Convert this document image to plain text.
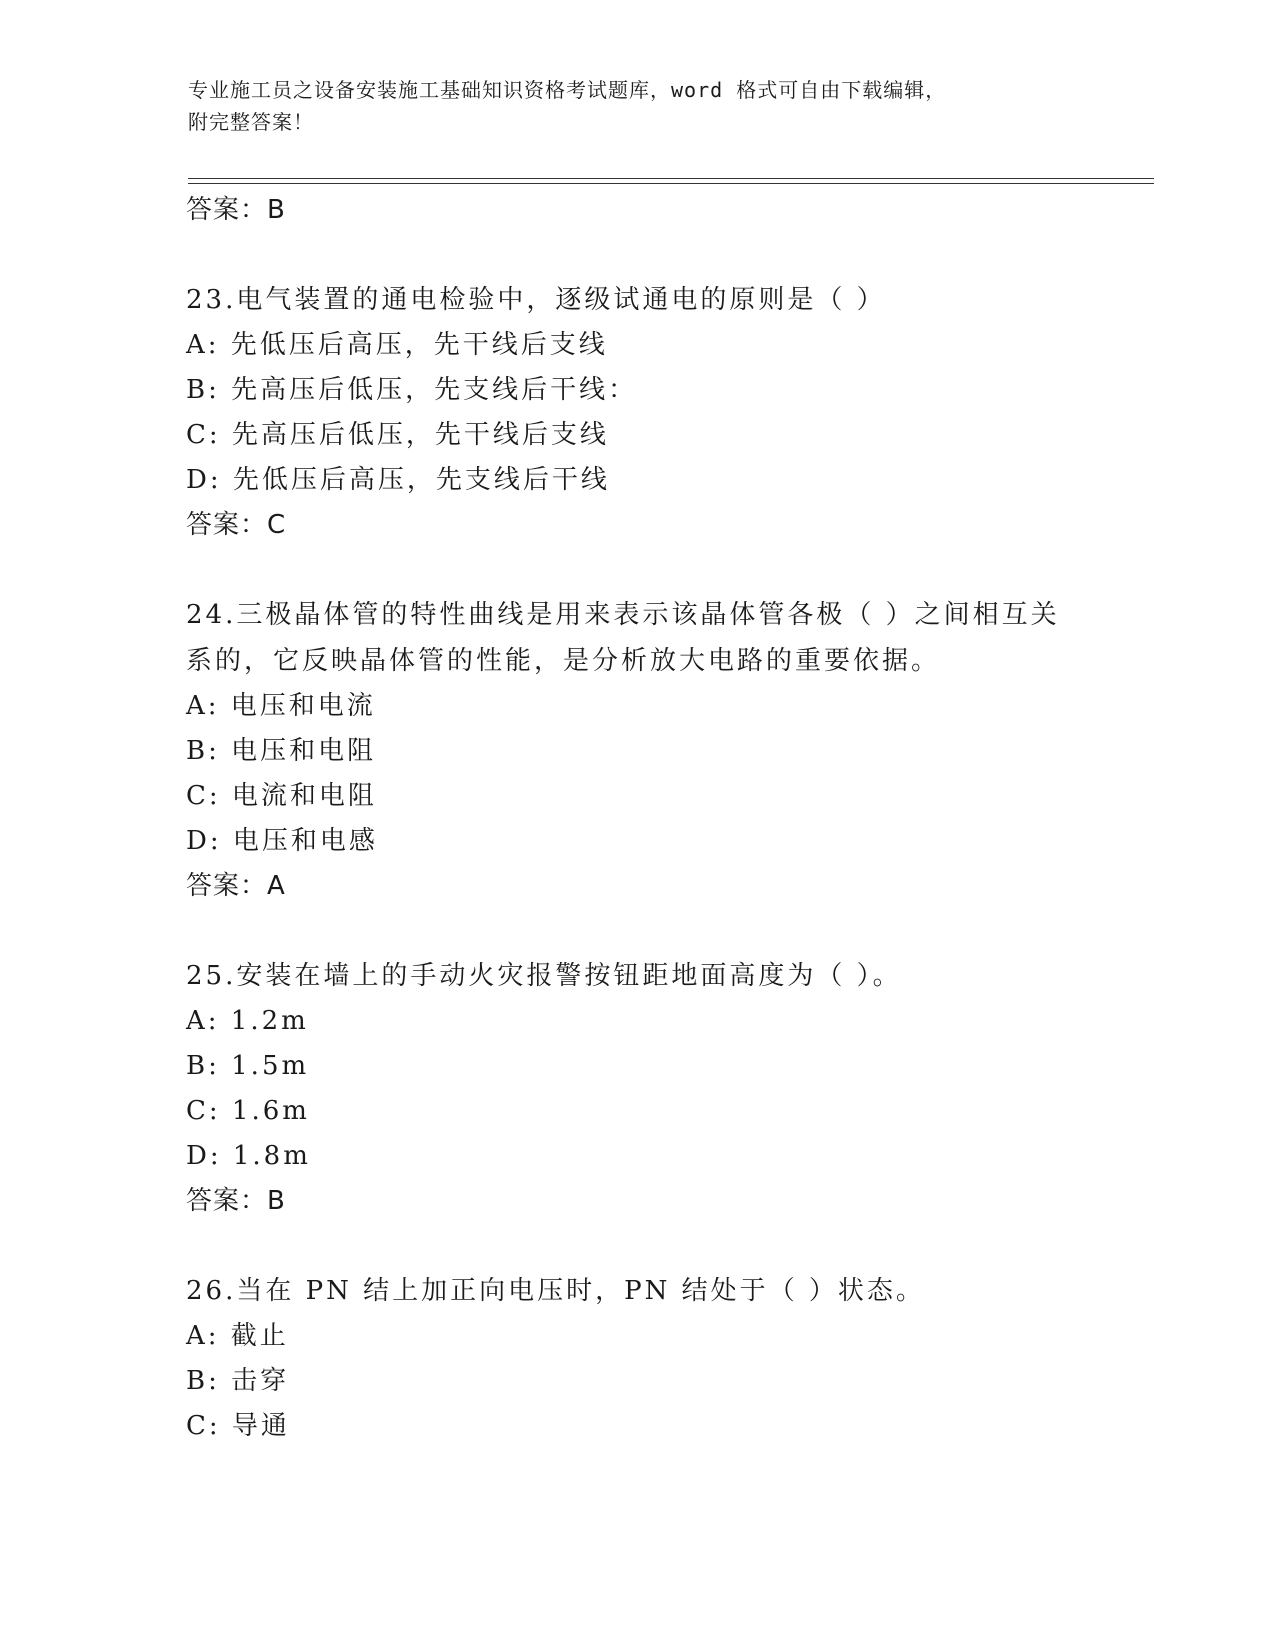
专业施工员之设备安装施工基础知识资格考试题库，word 格式可自由下载编辑，
附完整答案！
答案：B
23.电气装置的通电检验中，逐级试通电的原则是（ ）
A: 先低压后高压，先干线后支线
B: 先高压后低压，先支线后干线：
C: 先高压后低压，先干线后支线
D: 先低压后高压，先支线后干线
答案：C
24.三极晶体管的特性曲线是用来表示该晶体管各极（ ）之间相互关系的，它反映晶体管的性能，是分析放大电路的重要依据。
A: 电压和电流
B: 电压和电阻
C: 电流和电阻
D: 电压和电感
答案：A
25.安装在墙上的手动火灾报警按钮距地面高度为（ ）。
A: 1.2m
B: 1.5m
C: 1.6m
D: 1.8m
答案：B
26.当在 PN 结上加正向电压时，PN 结处于（ ）状态。
A: 截止
B: 击穿
C: 导通
